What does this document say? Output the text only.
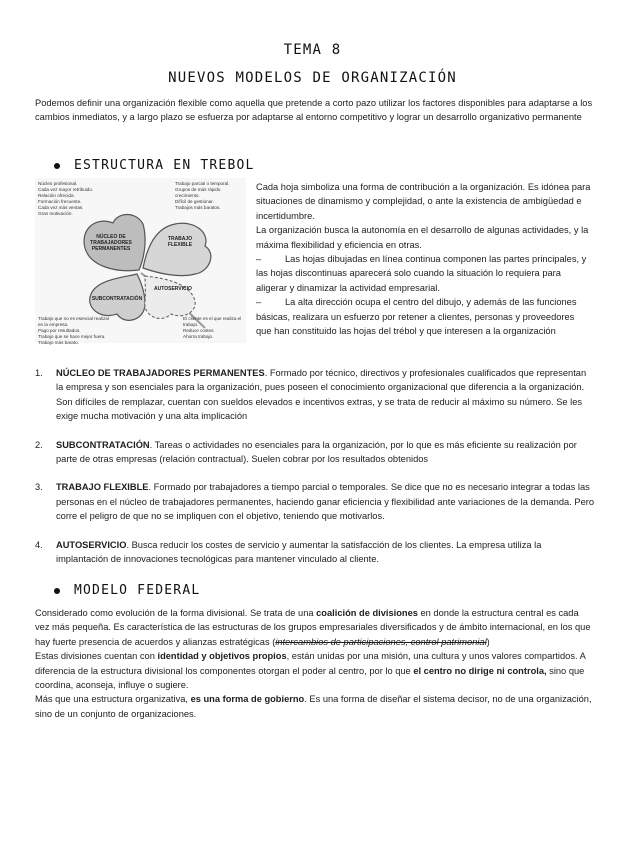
TEMA 8
NUEVOS MODELOS DE ORGANIZACIÓN

Podemos definir una organización flexible como aquella que pretende a corto pazo utilizar los factores disponibles para adaptarse a los cambios inmediatos, y a largo plazo se esfuerza por adaptarse al entorno competitivo y lograr un desarrollo organizativo permanente

ESTRUCTURA EN TREBOL
Núcleo profesional.
Cada vez mayor retribuido.
Relación ofrecida.
Formación frecuente.
Cada vez más ventas.
Gran motivación.
Trabajo parcial o temporal.
Grupos de más rápido crecimiento.
Difícil de gestionar.
Trabajos más baratos.
NÚCLEO DE TRABAJADORES PERMANENTES
TRABAJO FLEXIBLE
SUBCONTRATACIÓN
AUTOSERVICIO
Trabajo que no es esencial realizar en la empresa.
Pago por resultados.
Trabajo que se hace mejor fuera.
Trabajo más barato.
El cliente es el que realiza el trabajo.
Reduce costes.
Ahorra trabajo.

Cada hoja simboliza una forma de contribución a la organización. Es idónea para situaciones de dinamismo y complejidad, o ante la existencia de ambigüedad e incertidumbre.

La organización busca la autonomía en el desarrollo de algunas actividades, y la máxima flexibilidad y eficiencia en otras.

–	Las hojas dibujadas en línea continua componen las partes principales, y las hojas discontinuas aparecerá solo cuando la situación lo requiera para aligerar y dinamizar la actividad empresarial.

–	La alta dirección ocupa el centro del dibujo, y además de las funciones básicas, realizara un esfuerzo por retener a clientes, personas y proveedores que han constituido las hojas del trébol y que interesen a la organización

1. NÚCLEO DE TRABAJADORES PERMANENTES. Formado por técnico, directivos y profesionales cualificados que representan la empresa y son esenciales para la organización, pues poseen el conocimiento organizacional que diferencia a la organización. Son difíciles de remplazar, cuentan con sueldos elevados e incentivos extras, y se trata de reducir al máximo su número. Se les exige mucha motivación y una alta implicación

2. SUBCONTRATACIÓN. Tareas o actividades no esenciales para la organización, por lo que es más eficiente su realización por parte de otras empresas (relación contractual). Suelen cobrar por los resultados obtenidos

3. TRABAJO FLEXIBLE. Formado por trabajadores a tiempo parcial o temporales. Se dice que no es necesario integrar a todas las personas en el núcleo de trabajadores permanentes, haciendo ganar eficiencia y flexibilidad ante variaciones de la demanda. Pero corre el peligro de que no se impliquen con el objetivo, teniendo que motivarlos.

4. AUTOSERVICIO. Busca reducir los costes de servicio y aumentar la satisfacción de los clientes. La empresa utiliza la implantación de innovaciones tecnológicas para mantener vinculado al cliente.

MODELO FEDERAL

Considerado como evolución de la forma divisional. Se trata de una coalición de divisiones en donde la estructura central es cada vez más pequeña. Es característica de las estructuras de los grupos empresariales diversificados y de ámbito internacional, en los que hay fuerte presencia de acuerdos y alianzas estratégicas (intercambios de participaciones, control patrimonial)

Estas divisiones cuentan con identidad y objetivos propios, están unidas por una misión, una cultura y unos valores compartidos. A diferencia de la estructura divisional los componentes otorgan el poder al centro, por lo que el centro no dirige ni controla, sino que coordina, aconseja, influye o sugiere.

Más que una estructura organizativa, es una forma de gobierno. Es una forma de diseñar el sistema decisor, no de una organización, sino de un conjunto de organizaciones.
